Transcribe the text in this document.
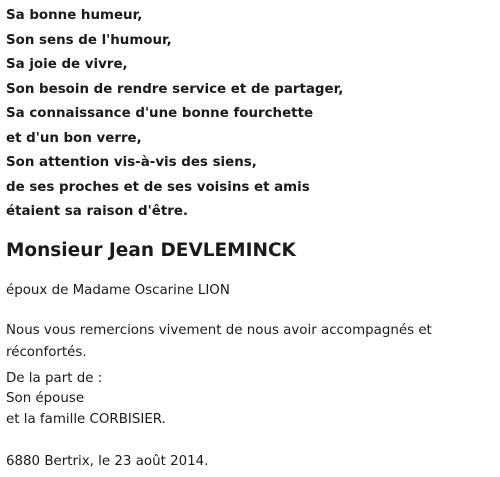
Sa bonne humeur,
Son sens de l'humour,
Sa joie de vivre,
Son besoin de rendre service et de partager,
Sa connaissance d'une bonne fourchette
et d'un bon verre,
Son attention vis-à-vis des siens,
de ses proches et de ses voisins et amis
étaient sa raison d'être.
Monsieur Jean DEVLEMINCK
époux de Madame Oscarine LION
Nous vous remercions vivement de nous avoir accompagnés et
réconfortés.
De la part de :
Son épouse
et la famille CORBISIER.
6880 Bertrix, le 23 août 2014.
